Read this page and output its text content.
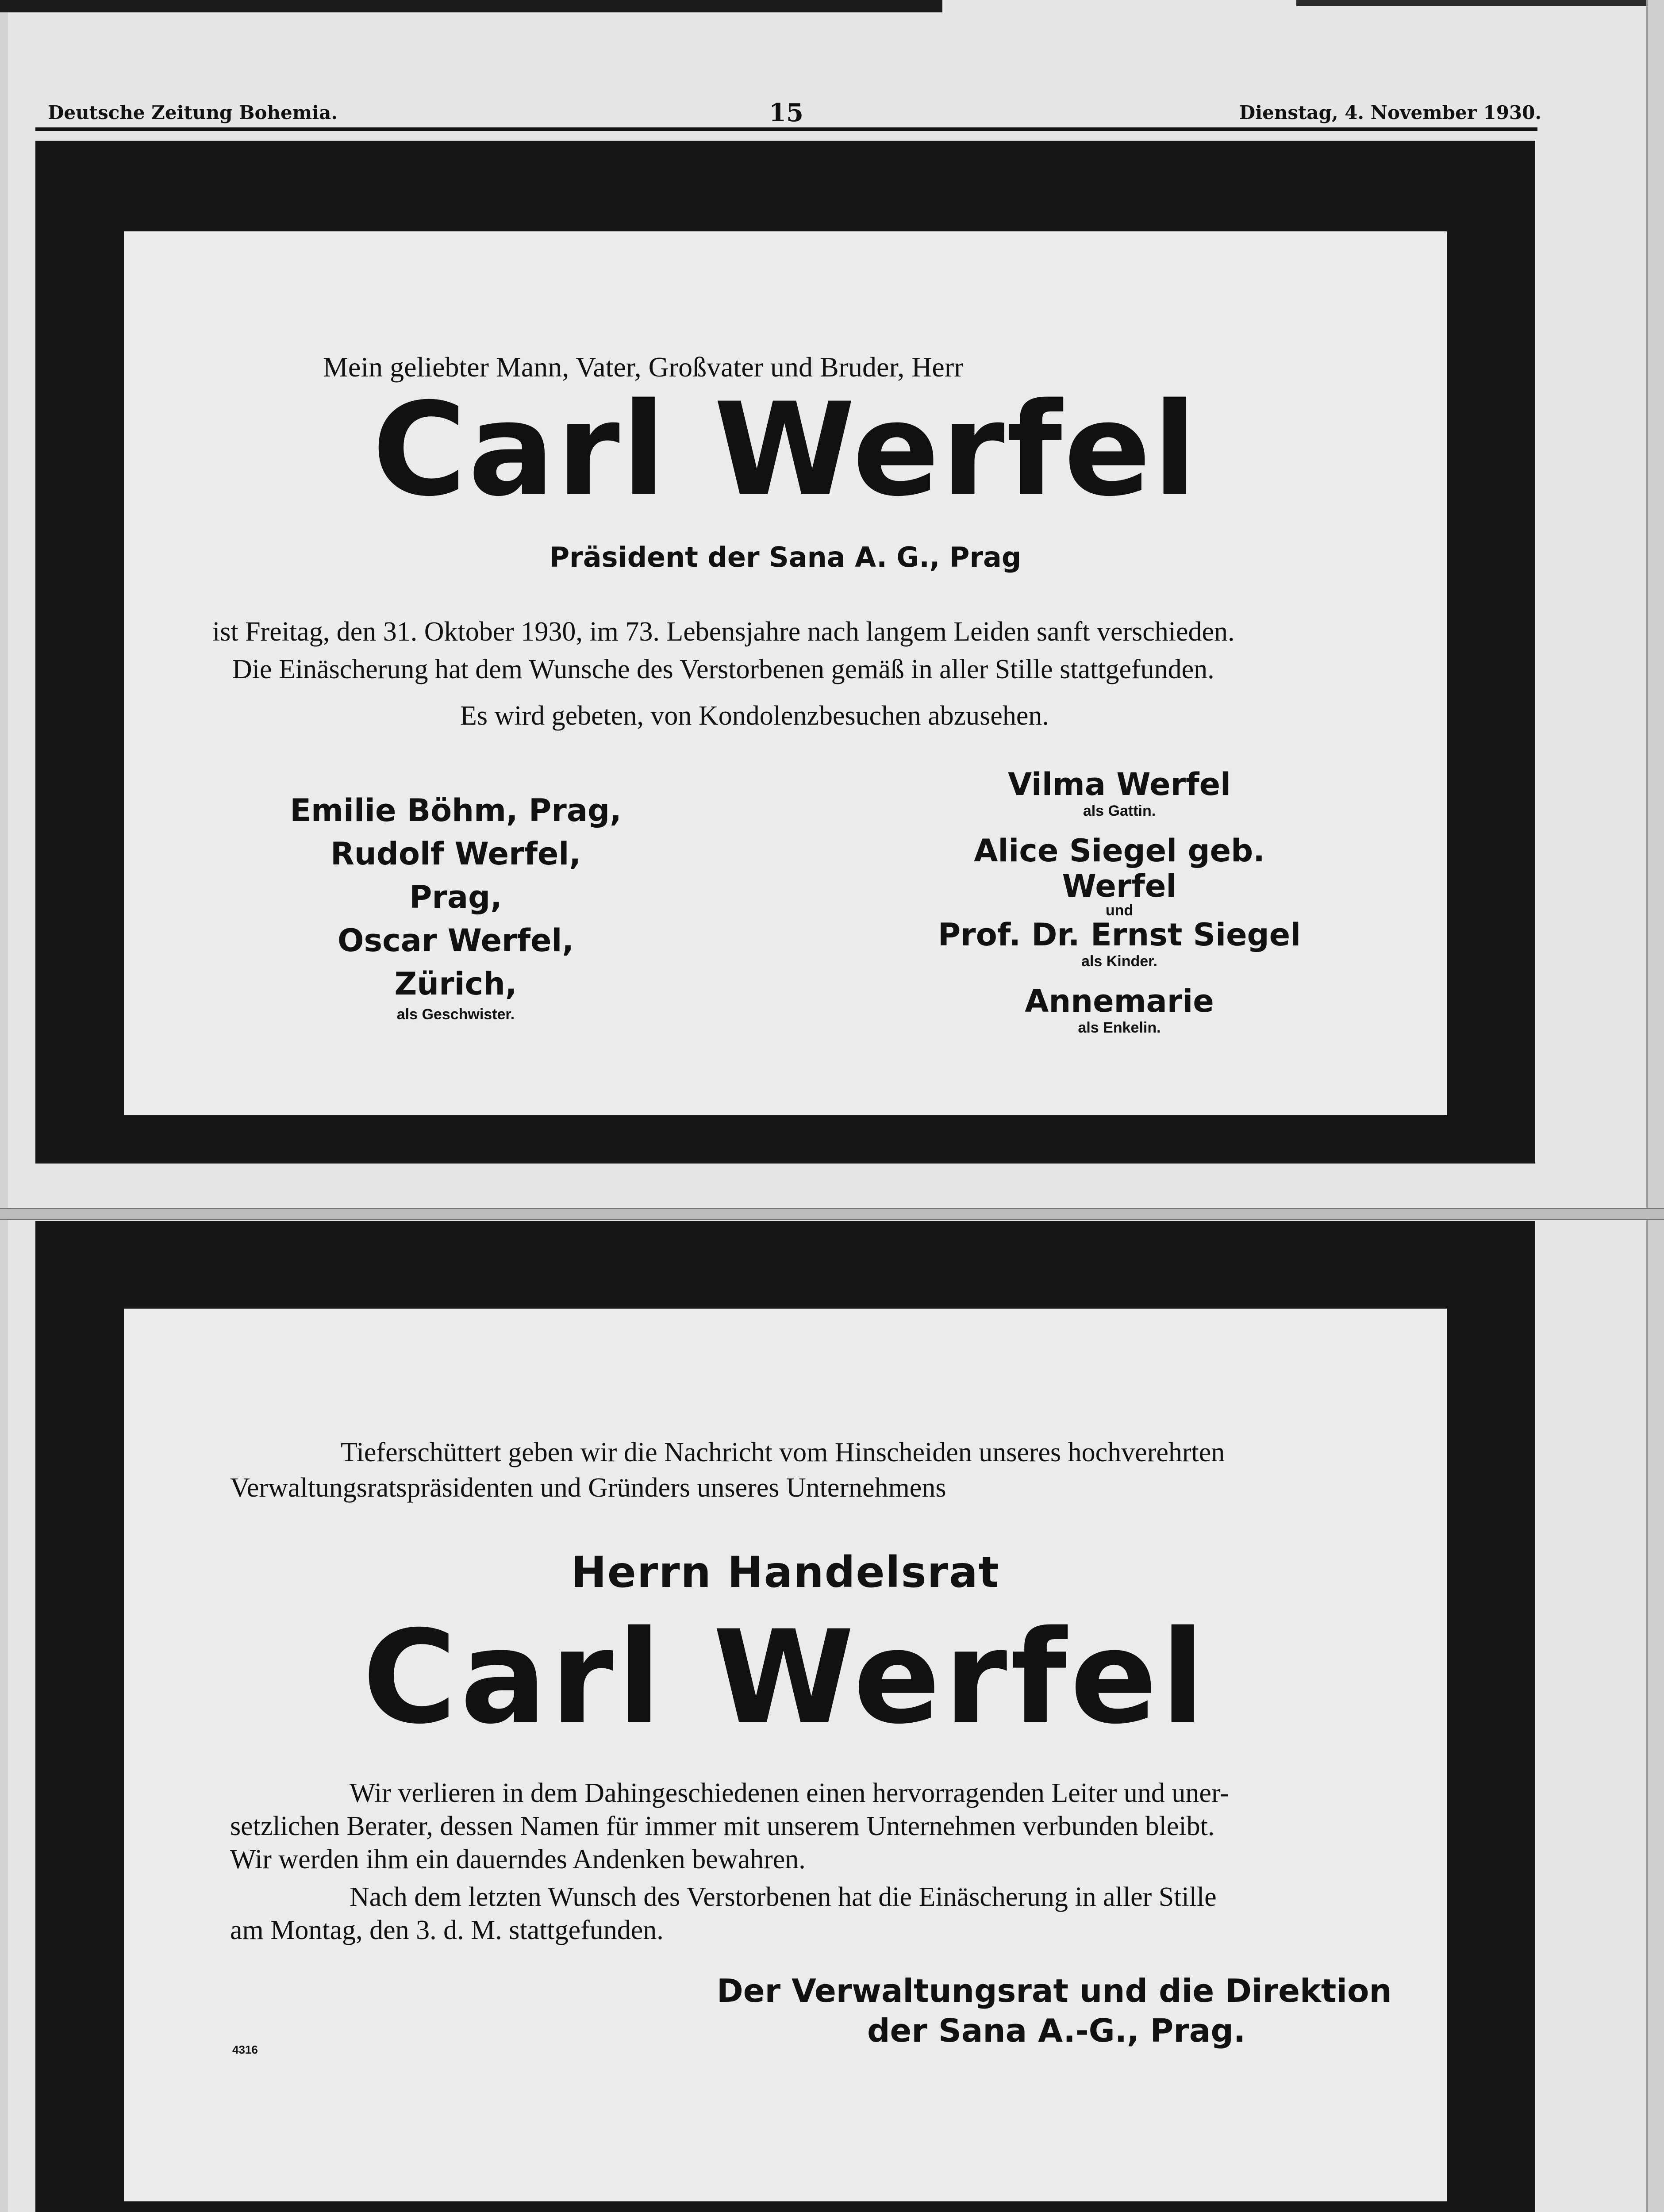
Deutsche Zeitung Bohemia.	15	Dienstag, 4. November 1930.
Mein geliebter Mann, Vater, Großvater und Bruder, Herr
Carl Werfel
Präsident der Sana A. G., Prag
ist Freitag, den 31. Oktober 1930, im 73. Lebensjahre nach langem Leiden sanft verschieden.
Die Einäscherung hat dem Wunsche des Verstorbenen gemäß in aller Stille stattgefunden.
Es wird gebeten, von Kondolenzbesuchen abzusehen.
Emilie Böhm, Prag,
Rudolf Werfel, Prag,
Oscar Werfel, Zürich,
als Geschwister.
Vilma Werfel
als Gattin.
Alice Siegel geb. Werfel
und
Prof. Dr. Ernst Siegel
als Kinder.
Annemarie
als Enkelin.
Tieferschüttert geben wir die Nachricht vom Hinscheiden unseres hochverehrten
Verwaltungsratspräsidenten und Gründers unseres Unternehmens
Herrn Handelsrat
Carl Werfel
Wir verlieren in dem Dahingeschiedenen einen hervorragenden Leiter und uner-
setzlichen Berater, dessen Namen für immer mit unserem Unternehmen verbunden bleibt.
Wir werden ihm ein dauerndes Andenken bewahren.
Nach dem letzten Wunsch des Verstorbenen hat die Einäscherung in aller Stille
am Montag, den 3. d. M. stattgefunden.
Der Verwaltungsrat und die Direktion
der Sana A.-G., Prag.
4316
